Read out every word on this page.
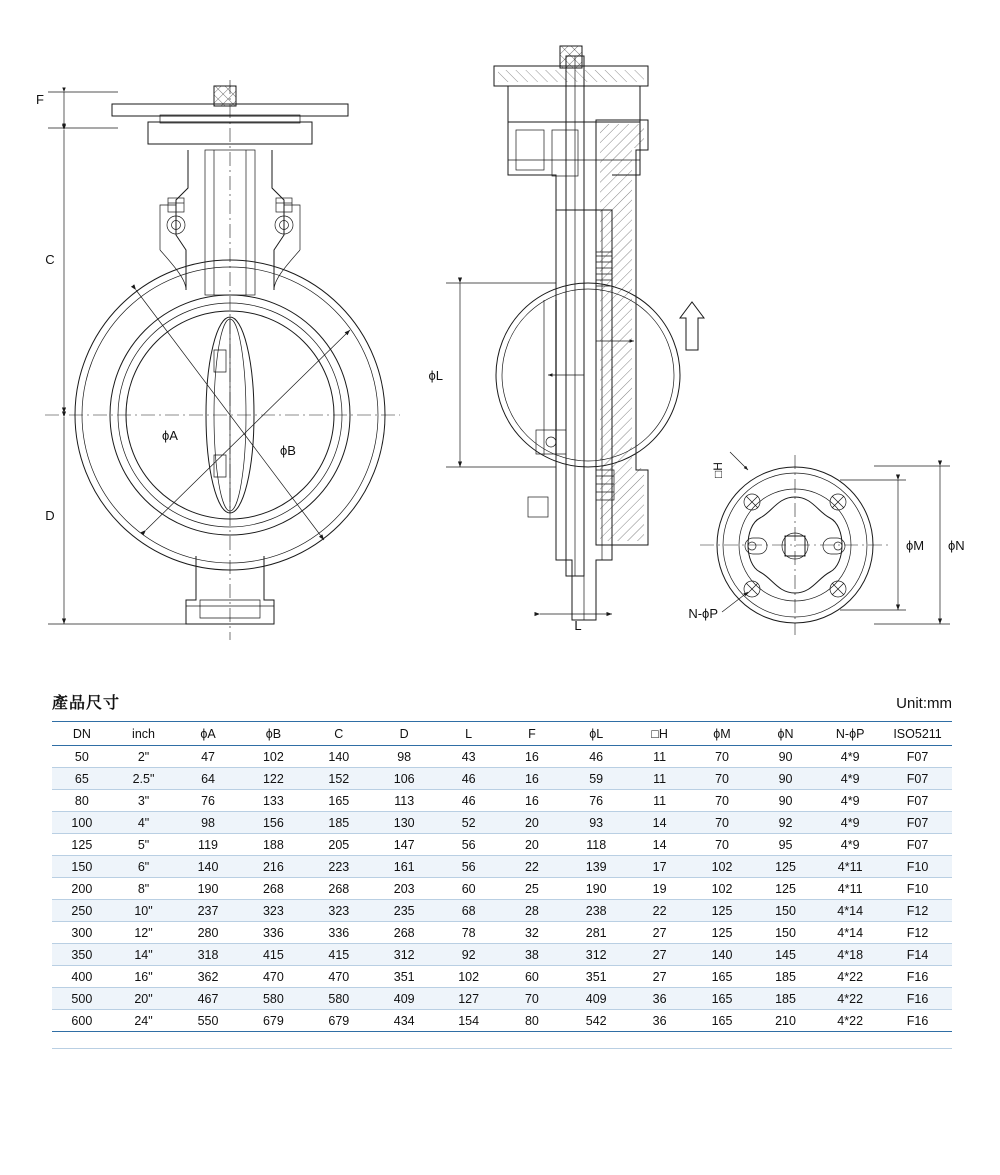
F
C
D
ϕA
ϕB
ϕL
L
□H
N-ϕP
ϕM ϕN
產品尺寸	Unit:mm
DN	inch	ϕA	ϕB	C	D	L	F	ϕL	□H	ϕM	ϕN	N-ϕP	ISO5211
50	2"	47	102	140	98	43	16	46	11	70	90	4*9	F07
65	2.5"	64	122	152	106	46	16	59	11	70	90	4*9	F07
80	3"	76	133	165	113	46	16	76	11	70	90	4*9	F07
100	4"	98	156	185	130	52	20	93	14	70	92	4*9	F07
125	5"	119	188	205	147	56	20	118	14	70	95	4*9	F07
150	6"	140	216	223	161	56	22	139	17	102	125	4*11	F10
200	8"	190	268	268	203	60	25	190	19	102	125	4*11	F10
250	10"	237	323	323	235	68	28	238	22	125	150	4*14	F12
300	12"	280	336	336	268	78	32	281	27	125	150	4*14	F12
350	14"	318	415	415	312	92	38	312	27	140	145	4*18	F14
400	16"	362	470	470	351	102	60	351	27	165	185	4*22	F16
500	20"	467	580	580	409	127	70	409	36	165	185	4*22	F16
600	24"	550	679	679	434	154	80	542	36	165	210	4*22	F16
